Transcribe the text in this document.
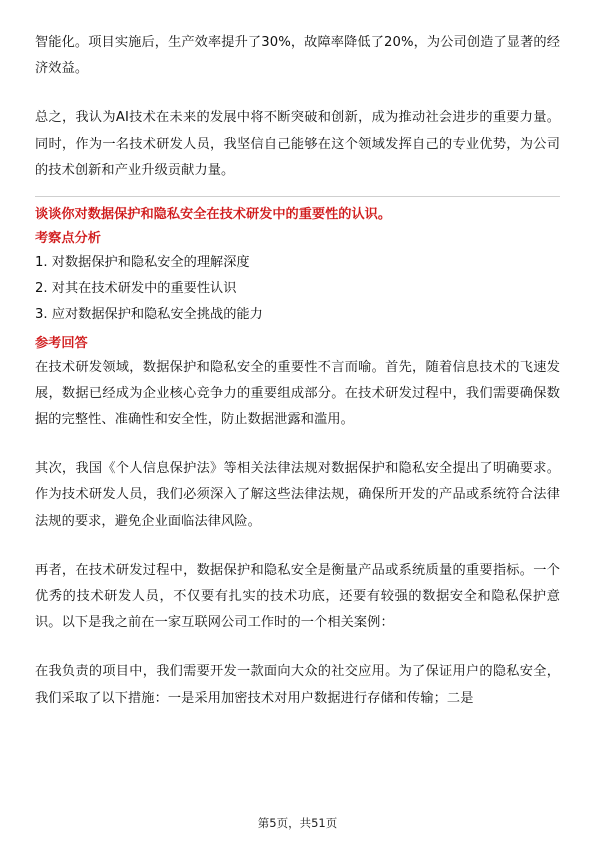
智能化。项目实施后，生产效率提升了30%，故障率降低了20%，为公司创造了显著的经济效益。

总之，我认为AI技术在未来的发展中将不断突破和创新，成为推动社会进步的重要力量。同时，作为一名技术研发人员，我坚信自己能够在这个领域发挥自己的专业优势，为公司的技术创新和产业升级贡献力量。

谈谈你对数据保护和隐私安全在技术研发中的重要性的认识。
考察点分析
1. 对数据保护和隐私安全的理解深度
2. 对其在技术研发中的重要性认识
3. 应对数据保护和隐私安全挑战的能力
参考回答

在技术研发领域，数据保护和隐私安全的重要性不言而喻。首先，随着信息技术的飞速发展，数据已经成为企业核心竞争力的重要组成部分。在技术研发过程中，我们需要确保数据的完整性、准确性和安全性，防止数据泄露和滥用。

其次，我国《个人信息保护法》等相关法律法规对数据保护和隐私安全提出了明确要求。作为技术研发人员，我们必须深入了解这些法律法规，确保所开发的产品或系统符合法律法规的要求，避免企业面临法律风险。

再者，在技术研发过程中，数据保护和隐私安全是衡量产品或系统质量的重要指标。一个优秀的技术研发人员，不仅要有扎实的技术功底，还要有较强的数据安全和隐私保护意识。以下是我之前在一家互联网公司工作时的一个相关案例：

在我负责的项目中，我们需要开发一款面向大众的社交应用。为了保证用户的隐私安全，我们采取了以下措施：一是采用加密技术对用户数据进行存储和传输；二是

第5页，共51页
